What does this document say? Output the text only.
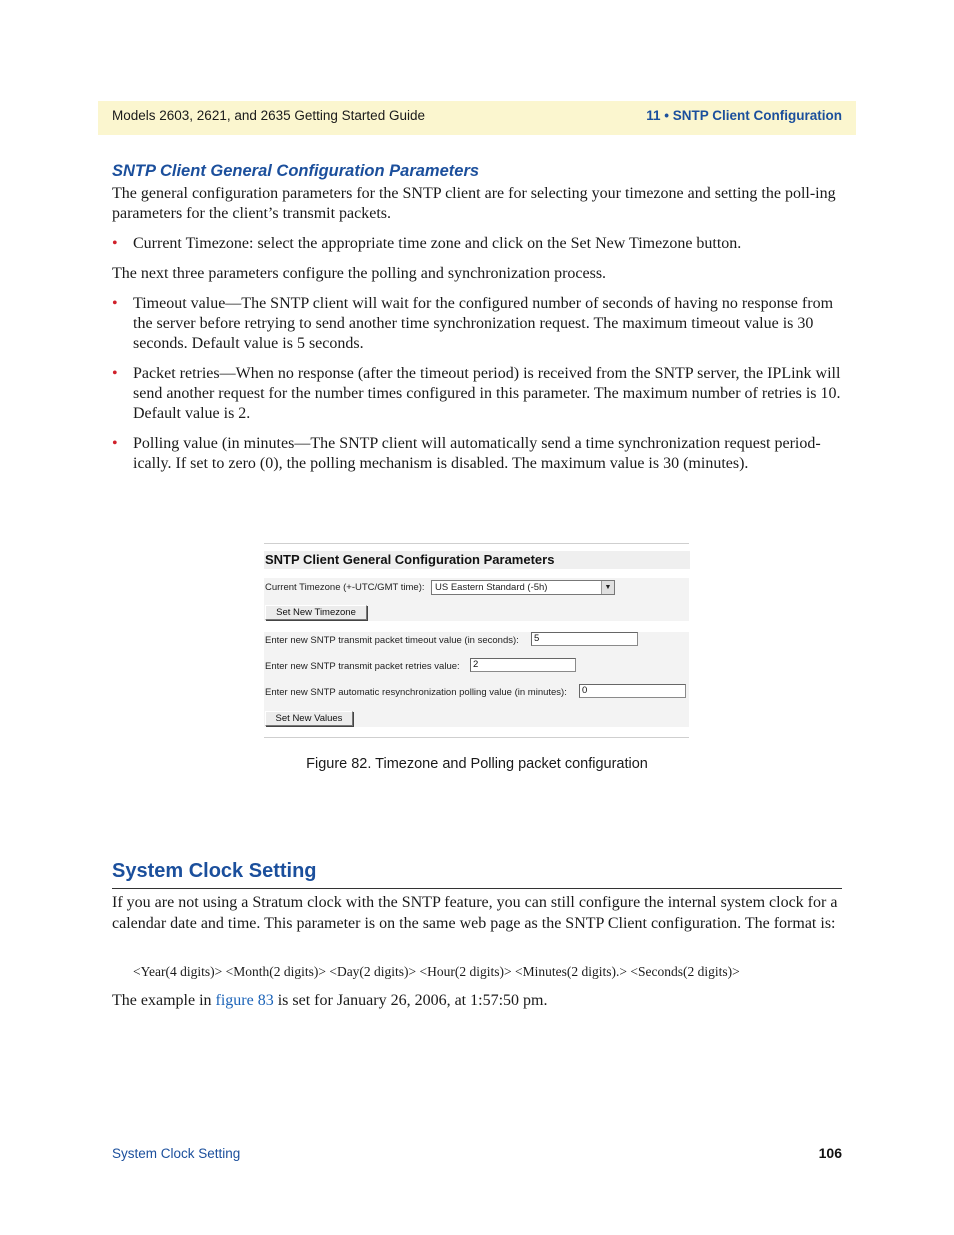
Models 2603, 2621, and 2635 Getting Started Guide	11 • SNTP Client Configuration
SNTP Client General Configuration Parameters
The general configuration parameters for the SNTP client are for selecting your timezone and setting the poll-ing parameters for the client’s transmit packets.
• Current Timezone: select the appropriate time zone and click on the Set New Timezone button.
The next three parameters configure the polling and synchronization process.
• Timeout value—The SNTP client will wait for the configured number of seconds of having no response from the server before retrying to send another time synchronization request. The maximum timeout value is 30 seconds. Default value is 5 seconds.
• Packet retries—When no response (after the timeout period) is received from the SNTP server, the IPLink will send another request for the number times configured in this parameter. The maximum number of retries is 10. Default value is 2.
• Polling value (in minutes—The SNTP client will automatically send a time synchronization request period-ically. If set to zero (0), the polling mechanism is disabled. The maximum value is 30 (minutes).
SNTP Client General Configuration Parameters
Current Timezone (+-UTC/GMT time):	US Eastern Standard (-5h)	▼
Set New Timezone
Enter new SNTP transmit packet timeout value (in seconds):	5
Enter new SNTP transmit packet retries value:	2
Enter new SNTP automatic resynchronization polling value (in minutes):	0
Set New Values
Figure 82. Timezone and Polling packet configuration
System Clock Setting
If you are not using a Stratum clock with the SNTP feature, you can still configure the internal system clock for a calendar date and time. This parameter is on the same web page as the SNTP Client configuration. The format is:
<Year(4 digits)> <Month(2 digits)> <Day(2 digits)> <Hour(2 digits)> <Minutes(2 digits).> <Seconds(2 digits)>
The example in figure 83 is set for January 26, 2006, at 1:57:50 pm.
System Clock Setting	106
